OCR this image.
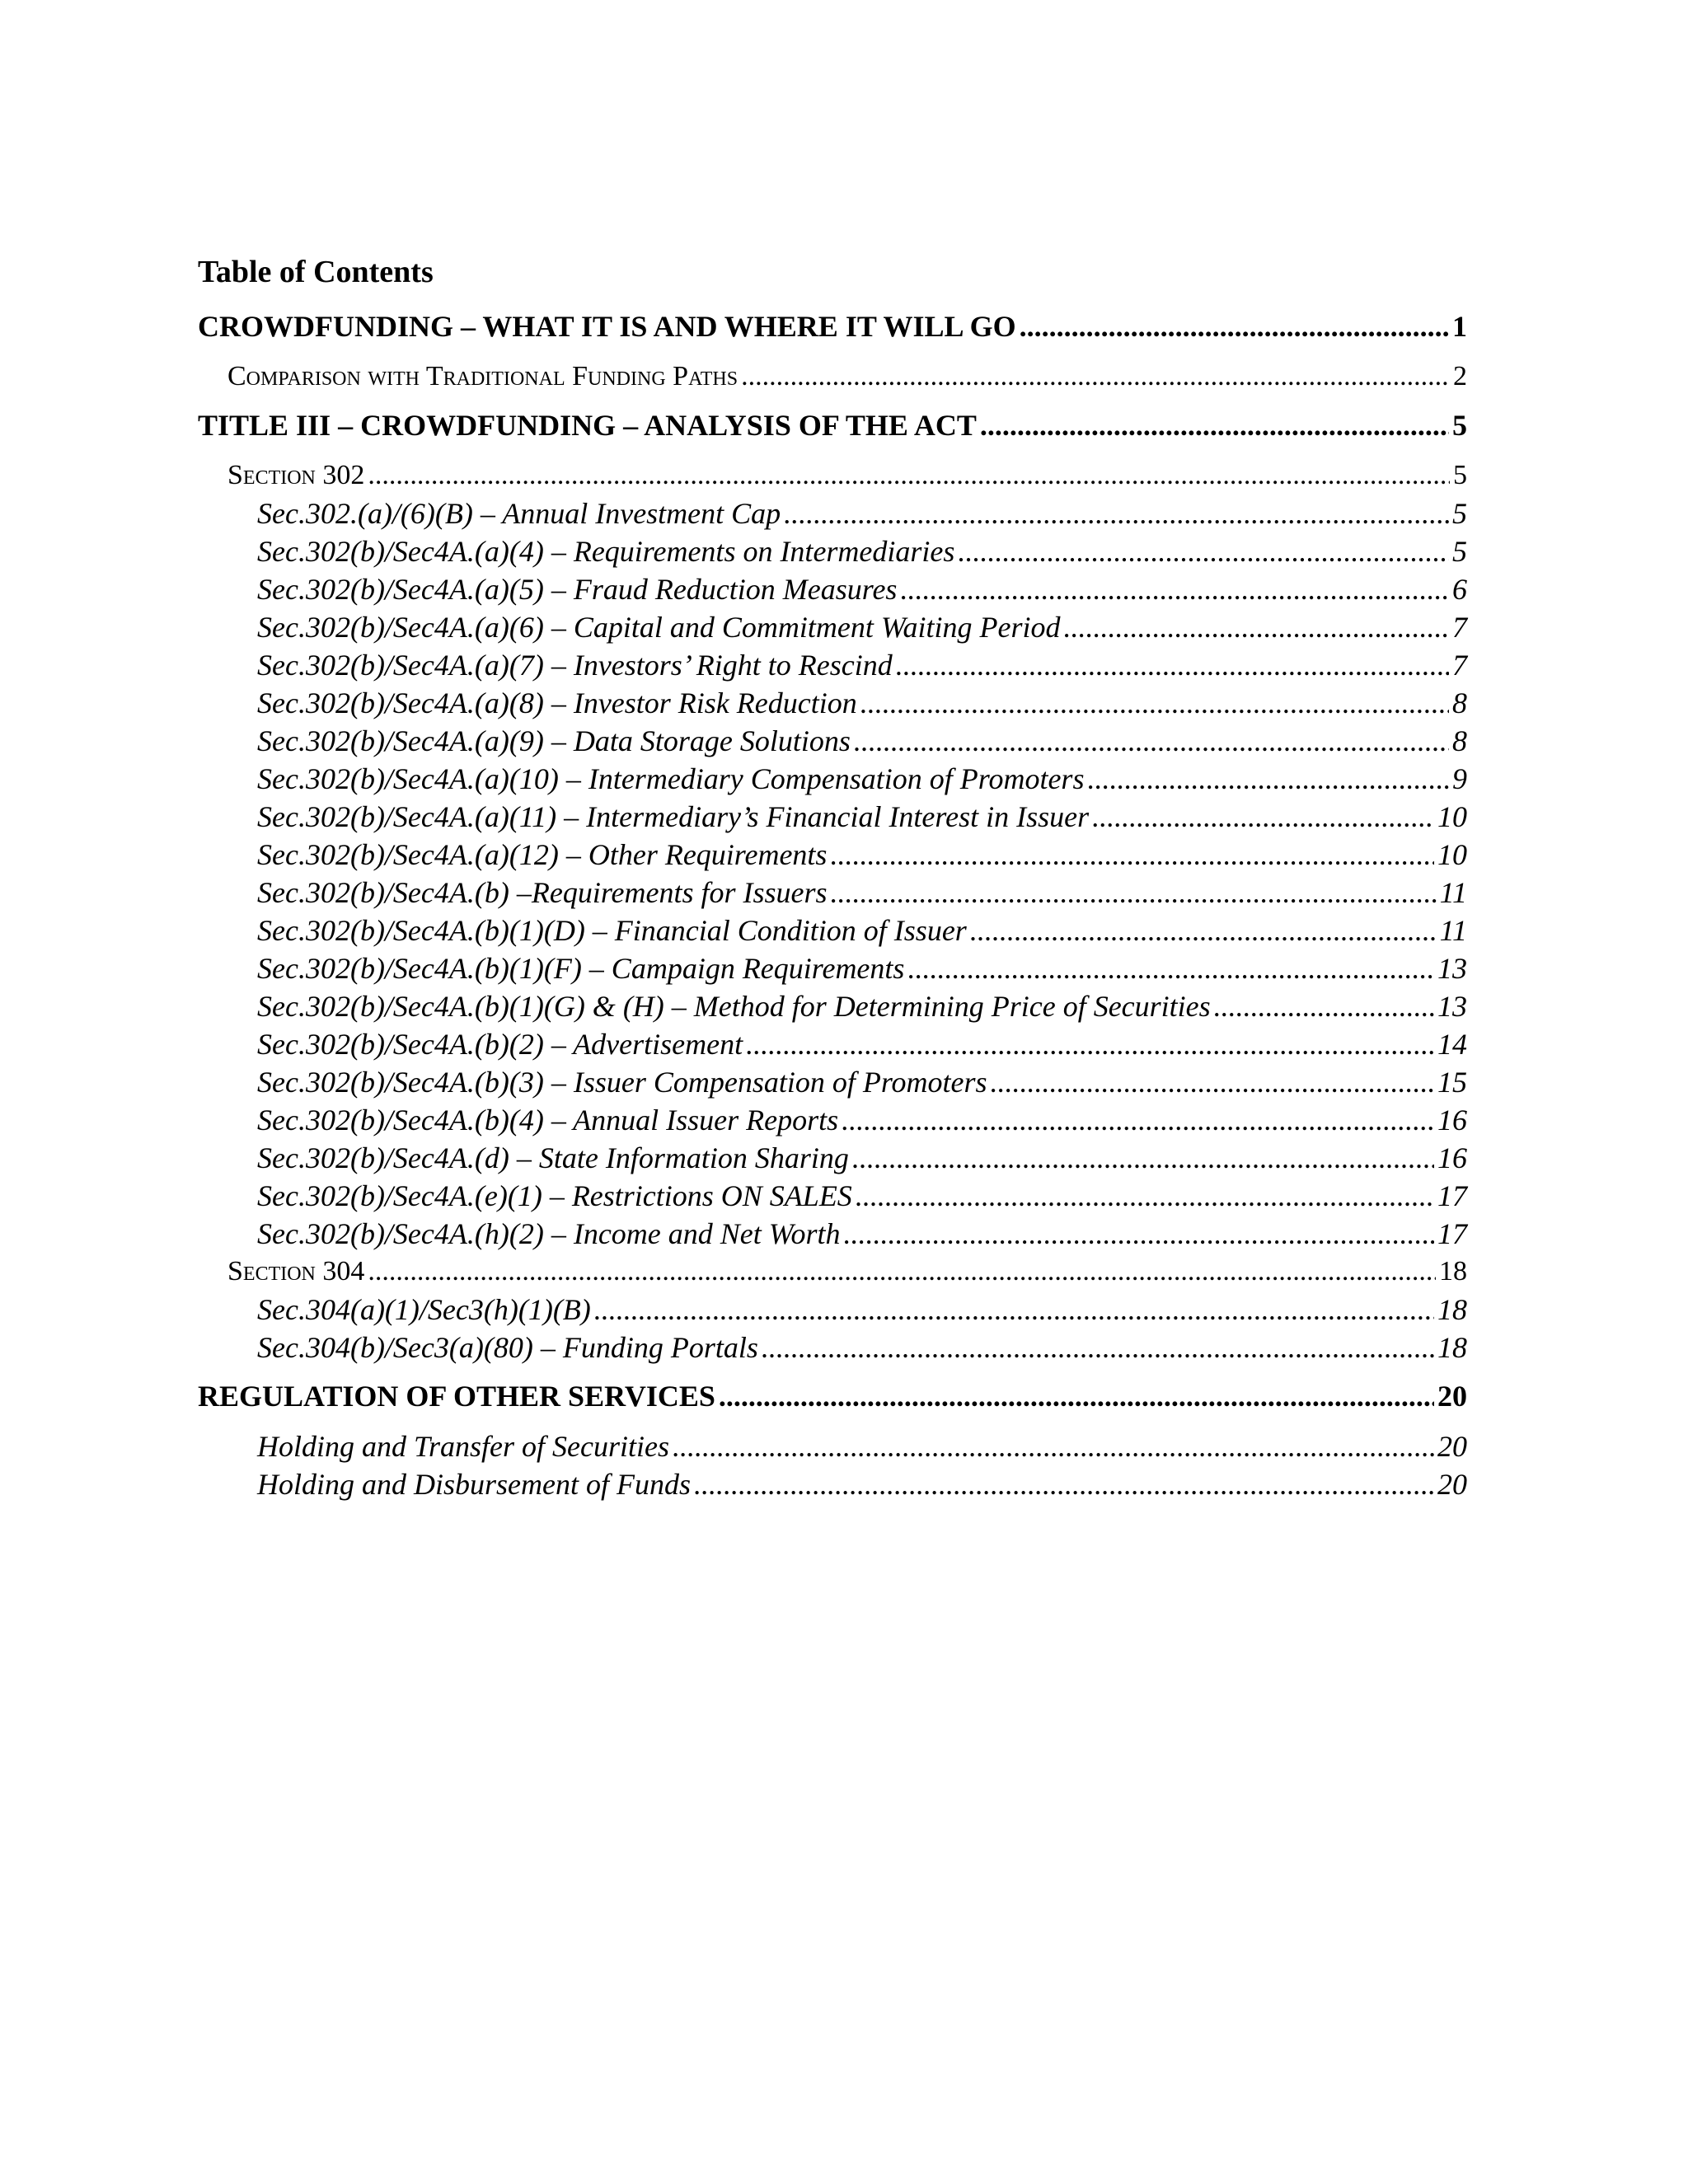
Table of Contents
CROWDFUNDING – WHAT IT IS AND WHERE IT WILL GO .....	1
Comparison with Traditional Funding Paths .....	2
TITLE III – CROWDFUNDING – ANALYSIS OF THE ACT .....	5
Section 302 .....	5
Sec.302.(a)/(6)(B) – Annual Investment Cap .....	5
Sec.302(b)/Sec4A.(a)(4) – Requirements on Intermediaries .....	5
Sec.302(b)/Sec4A.(a)(5) – Fraud Reduction Measures .....	6
Sec.302(b)/Sec4A.(a)(6) – Capital and Commitment Waiting Period .....	7
Sec.302(b)/Sec4A.(a)(7) – Investors’ Right to Rescind .....	7
Sec.302(b)/Sec4A.(a)(8) – Investor Risk Reduction .....	8
Sec.302(b)/Sec4A.(a)(9) – Data Storage Solutions .....	8
Sec.302(b)/Sec4A.(a)(10) – Intermediary Compensation of Promoters .....	9
Sec.302(b)/Sec4A.(a)(11) – Intermediary’s Financial Interest in Issuer .....	10
Sec.302(b)/Sec4A.(a)(12) – Other Requirements .....	10
Sec.302(b)/Sec4A.(b) –Requirements for Issuers .....	11
Sec.302(b)/Sec4A.(b)(1)(D) – Financial Condition of Issuer .....	11
Sec.302(b)/Sec4A.(b)(1)(F) – Campaign Requirements .....	13
Sec.302(b)/Sec4A.(b)(1)(G) & (H) – Method for Determining Price of Securities .....	13
Sec.302(b)/Sec4A.(b)(2) – Advertisement .....	14
Sec.302(b)/Sec4A.(b)(3) – Issuer Compensation of Promoters .....	15
Sec.302(b)/Sec4A.(b)(4) – Annual Issuer Reports .....	16
Sec.302(b)/Sec4A.(d) – State Information Sharing .....	16
Sec.302(b)/Sec4A.(e)(1) – Restrictions ON SALES .....	17
Sec.302(b)/Sec4A.(h)(2) – Income and Net Worth .....	17
Section 304 .....	18
Sec.304(a)(1)/Sec3(h)(1)(B) .....	18
Sec.304(b)/Sec3(a)(80) – Funding Portals .....	18
REGULATION OF OTHER SERVICES .....	20
Holding and Transfer of Securities .....	20
Holding and Disbursement of Funds .....	20
